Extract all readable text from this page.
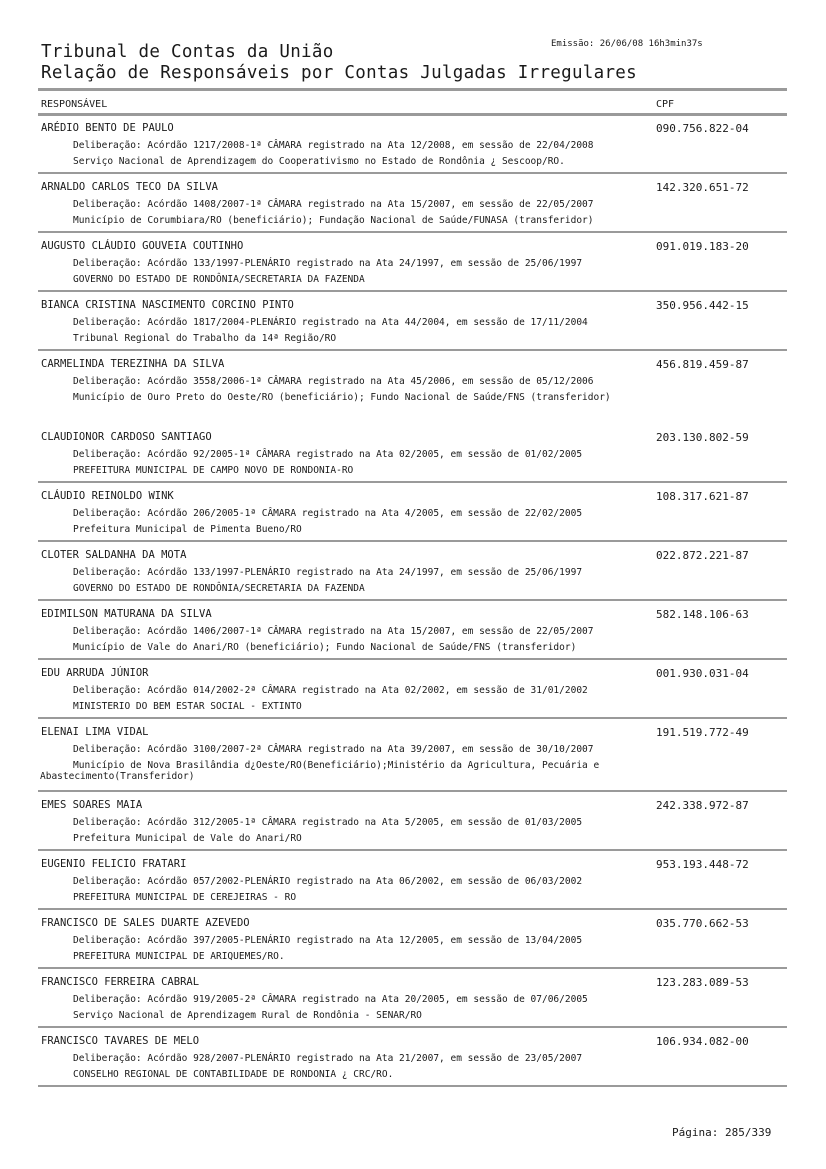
Emissão: 26/06/08 16h3min37s
Tribunal de Contas da União
Relação de Responsáveis por Contas Julgadas Irregulares
RESPONSÁVEL	CPF
ARÉDIO BENTO DE PAULO	090.756.822-04
Deliberação: Acórdão 1217/2008-1ª CÂMARA registrado na Ata 12/2008, em sessão de 22/04/2008
Serviço Nacional de Aprendizagem do Cooperativismo no Estado de Rondônia ¿ Sescoop/RO.
ARNALDO CARLOS TECO DA SILVA	142.320.651-72
Deliberação: Acórdão 1408/2007-1ª CÂMARA registrado na Ata 15/2007, em sessão de 22/05/2007
Município de Corumbiara/RO (beneficiário); Fundação Nacional de Saúde/FUNASA (transferidor)
AUGUSTO CLÁUDIO GOUVEIA COUTINHO	091.019.183-20
Deliberação: Acórdão 133/1997-PLENÁRIO registrado na Ata 24/1997, em sessão de 25/06/1997
GOVERNO DO ESTADO DE RONDÔNIA/SECRETARIA DA FAZENDA
BIANCA CRISTINA NASCIMENTO CORCINO PINTO	350.956.442-15
Deliberação: Acórdão 1817/2004-PLENÁRIO registrado na Ata 44/2004, em sessão de 17/11/2004
Tribunal Regional do Trabalho da 14ª Região/RO
CARMELINDA TEREZINHA DA SILVA	456.819.459-87
Deliberação: Acórdão 3558/2006-1ª CÂMARA registrado na Ata 45/2006, em sessão de 05/12/2006
Município de Ouro Preto do Oeste/RO (beneficiário); Fundo Nacional de Saúde/FNS (transferidor)
CLAUDIONOR CARDOSO SANTIAGO	203.130.802-59
Deliberação: Acórdão 92/2005-1ª CÂMARA registrado na Ata 02/2005, em sessão de 01/02/2005
PREFEITURA MUNICIPAL DE CAMPO NOVO DE RONDONIA-RO
CLÁUDIO REINOLDO WINK	108.317.621-87
Deliberação: Acórdão 206/2005-1ª CÂMARA registrado na Ata 4/2005, em sessão de 22/02/2005
Prefeitura Municipal de Pimenta Bueno/RO
CLOTER SALDANHA DA MOTA	022.872.221-87
Deliberação: Acórdão 133/1997-PLENÁRIO registrado na Ata 24/1997, em sessão de 25/06/1997
GOVERNO DO ESTADO DE RONDÔNIA/SECRETARIA DA FAZENDA
EDIMILSON MATURANA DA SILVA	582.148.106-63
Deliberação: Acórdão 1406/2007-1ª CÂMARA registrado na Ata 15/2007, em sessão de 22/05/2007
Município de Vale do Anari/RO (beneficiário); Fundo Nacional de Saúde/FNS (transferidor)
EDU ARRUDA JÚNIOR	001.930.031-04
Deliberação: Acórdão 014/2002-2ª CÂMARA registrado na Ata 02/2002, em sessão de 31/01/2002
MINISTERIO DO BEM ESTAR SOCIAL - EXTINTO
ELENAI LIMA VIDAL	191.519.772-49
Deliberação: Acórdão 3100/2007-2ª CÂMARA registrado na Ata 39/2007, em sessão de 30/10/2007
Município de Nova Brasilândia d¿Oeste/RO(Beneficiário);Ministério da Agricultura, Pecuária e Abastecimento(Transferidor)
EMES SOARES MAIA	242.338.972-87
Deliberação: Acórdão 312/2005-1ª CÂMARA registrado na Ata 5/2005, em sessão de 01/03/2005
Prefeitura Municipal de Vale do Anari/RO
EUGENIO FELICIO FRATARI	953.193.448-72
Deliberação: Acórdão 057/2002-PLENÁRIO registrado na Ata 06/2002, em sessão de 06/03/2002
PREFEITURA MUNICIPAL DE CEREJEIRAS - RO
FRANCISCO DE SALES DUARTE AZEVEDO	035.770.662-53
Deliberação: Acórdão 397/2005-PLENÁRIO registrado na Ata 12/2005, em sessão de 13/04/2005
PREFEITURA MUNICIPAL DE ARIQUEMES/RO.
FRANCISCO FERREIRA CABRAL	123.283.089-53
Deliberação: Acórdão 919/2005-2ª CÂMARA registrado na Ata 20/2005, em sessão de 07/06/2005
Serviço Nacional de Aprendizagem Rural de Rondônia - SENAR/RO
FRANCISCO TAVARES DE MELO	106.934.082-00
Deliberação: Acórdão 928/2007-PLENÁRIO registrado na Ata 21/2007, em sessão de 23/05/2007
CONSELHO REGIONAL DE CONTABILIDADE DE RONDONIA ¿ CRC/RO.
Página: 285/339
